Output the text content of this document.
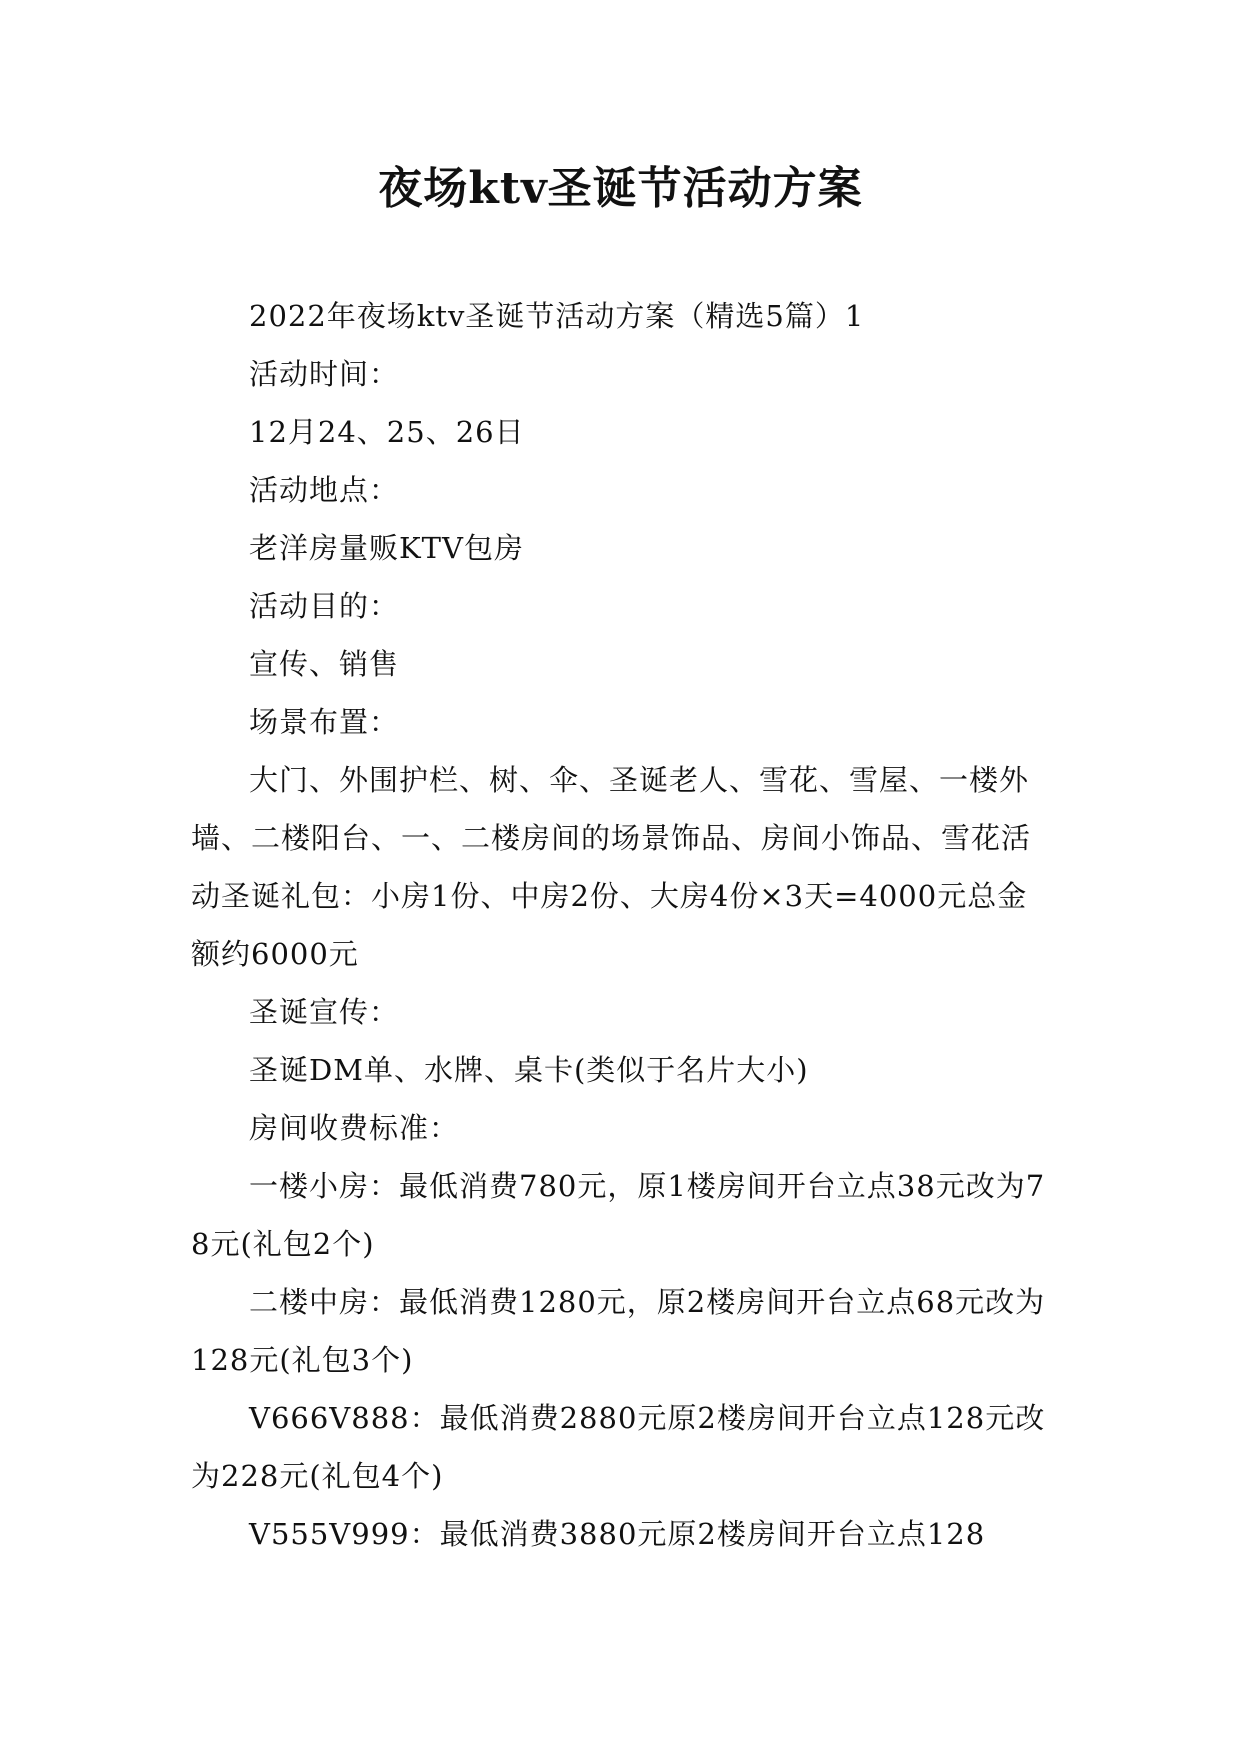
夜场ktv圣诞节活动方案

2022年夜场ktv圣诞节活动方案（精选5篇）1

活动时间：

12月24、25、26日

活动地点：

老洋房量贩KTV包房

活动目的：

宣传、销售

场景布置：

大门、外围护栏、树、伞、圣诞老人、雪花、雪屋、一楼外墙、二楼阳台、一、二楼房间的场景饰品、房间小饰品、雪花活动圣诞礼包：小房1份、中房2份、大房4份×3天=4000元总金额约6000元

圣诞宣传：

圣诞DM单、水牌、桌卡(类似于名片大小)

房间收费标准：

一楼小房：最低消费780元，原1楼房间开台立点38元改为78元(礼包2个)

二楼中房：最低消费1280元，原2楼房间开台立点68元改为128元(礼包3个)

V666V888：最低消费2880元原2楼房间开台立点128元改为228元(礼包4个)

V555V999：最低消费3880元原2楼房间开台立点128
